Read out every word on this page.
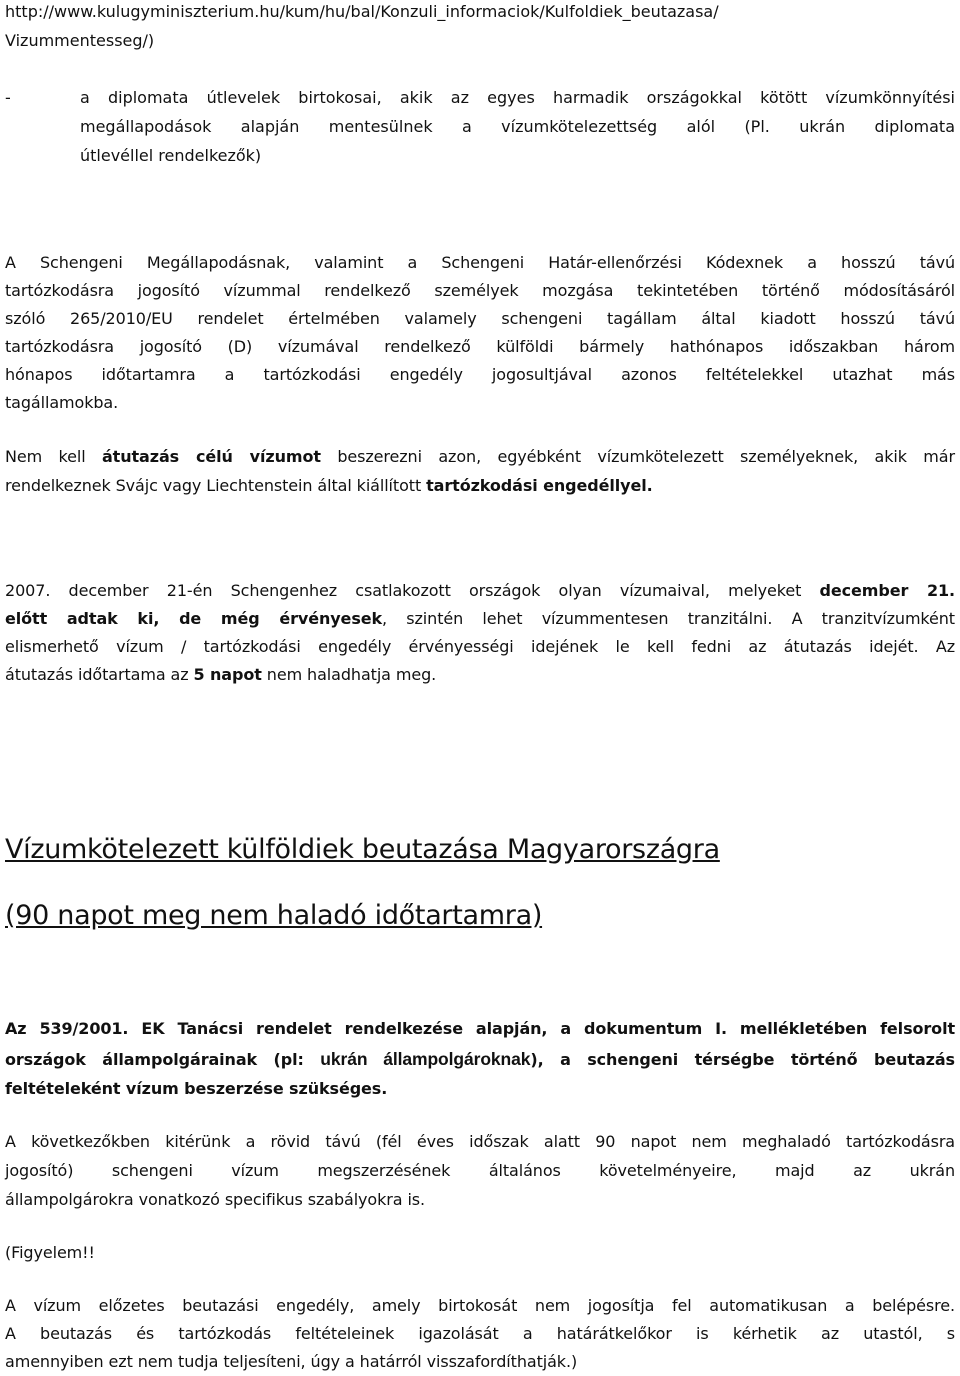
http://www.kulugyminiszterium.hu/kum/hu/bal/Konzuli_informaciok/Kulfoldiek_beutazasa/
Vizummentesseg/)
-	a diplomata útlevelek birtokosai, akik az egyes harmadik országokkal kötött vízumkönnyítési
megállapodások alapján mentesülnek a vízumkötelezettség alól (Pl. ukrán diplomata
útlevéllel rendelkezők)
A Schengeni Megállapodásnak, valamint a Schengeni Határ-ellenőrzési Kódexnek a hosszú távú
tartózkodásra jogosító vízummal rendelkező személyek mozgása tekintetében történő módosításáról
szóló 265/2010/EU rendelet értelmében valamely schengeni tagállam által kiadott hosszú távú
tartózkodásra jogosító (D) vízumával rendelkező külföldi bármely hathónapos időszakban három
hónapos időtartamra a tartózkodási engedély jogosultjával azonos feltételekkel utazhat más
tagállamokba.
Nem kell átutazás célú vízumot beszerezni azon, egyébként vízumkötelezett személyeknek, akik már
rendelkeznek Svájc vagy Liechtenstein által kiállított tartózkodási engedéllyel.
2007. december 21-én Schengenhez csatlakozott országok olyan vízumaival, melyeket december 21.
előtt adtak ki, de még érvényesek, szintén lehet vízummentesen tranzitálni. A tranzitvízumként
elismerhető vízum / tartózkodási engedély érvényességi idejének le kell fedni az átutazás idejét. Az
átutazás időtartama az 5 napot nem haladhatja meg.
Vízumkötelezett külföldiek beutazása Magyarországra
(90 napot meg nem haladó időtartamra)
Az 539/2001. EK Tanácsi rendelet rendelkezése alapján, a dokumentum I. mellékletében felsorolt
országok állampolgárainak (pl: ukrán állampolgároknak), a schengeni térségbe történő beutazás
feltételeként vízum beszerzése szükséges.
A következőkben kitérünk a rövid távú (fél éves időszak alatt 90 napot nem meghaladó tartózkodásra
jogosító) schengeni vízum megszerzésének általános követelményeire, majd az ukrán
állampolgárokra vonatkozó specifikus szabályokra is.
(Figyelem!!
A vízum előzetes beutazási engedély, amely birtokosát nem jogosítja fel automatikusan a belépésre.
A beutazás és tartózkodás feltételeinek igazolását a határátkelőkor is kérhetik az utastól, s
amennyiben ezt nem tudja teljesíteni, úgy a határról visszafordíthatják.)
